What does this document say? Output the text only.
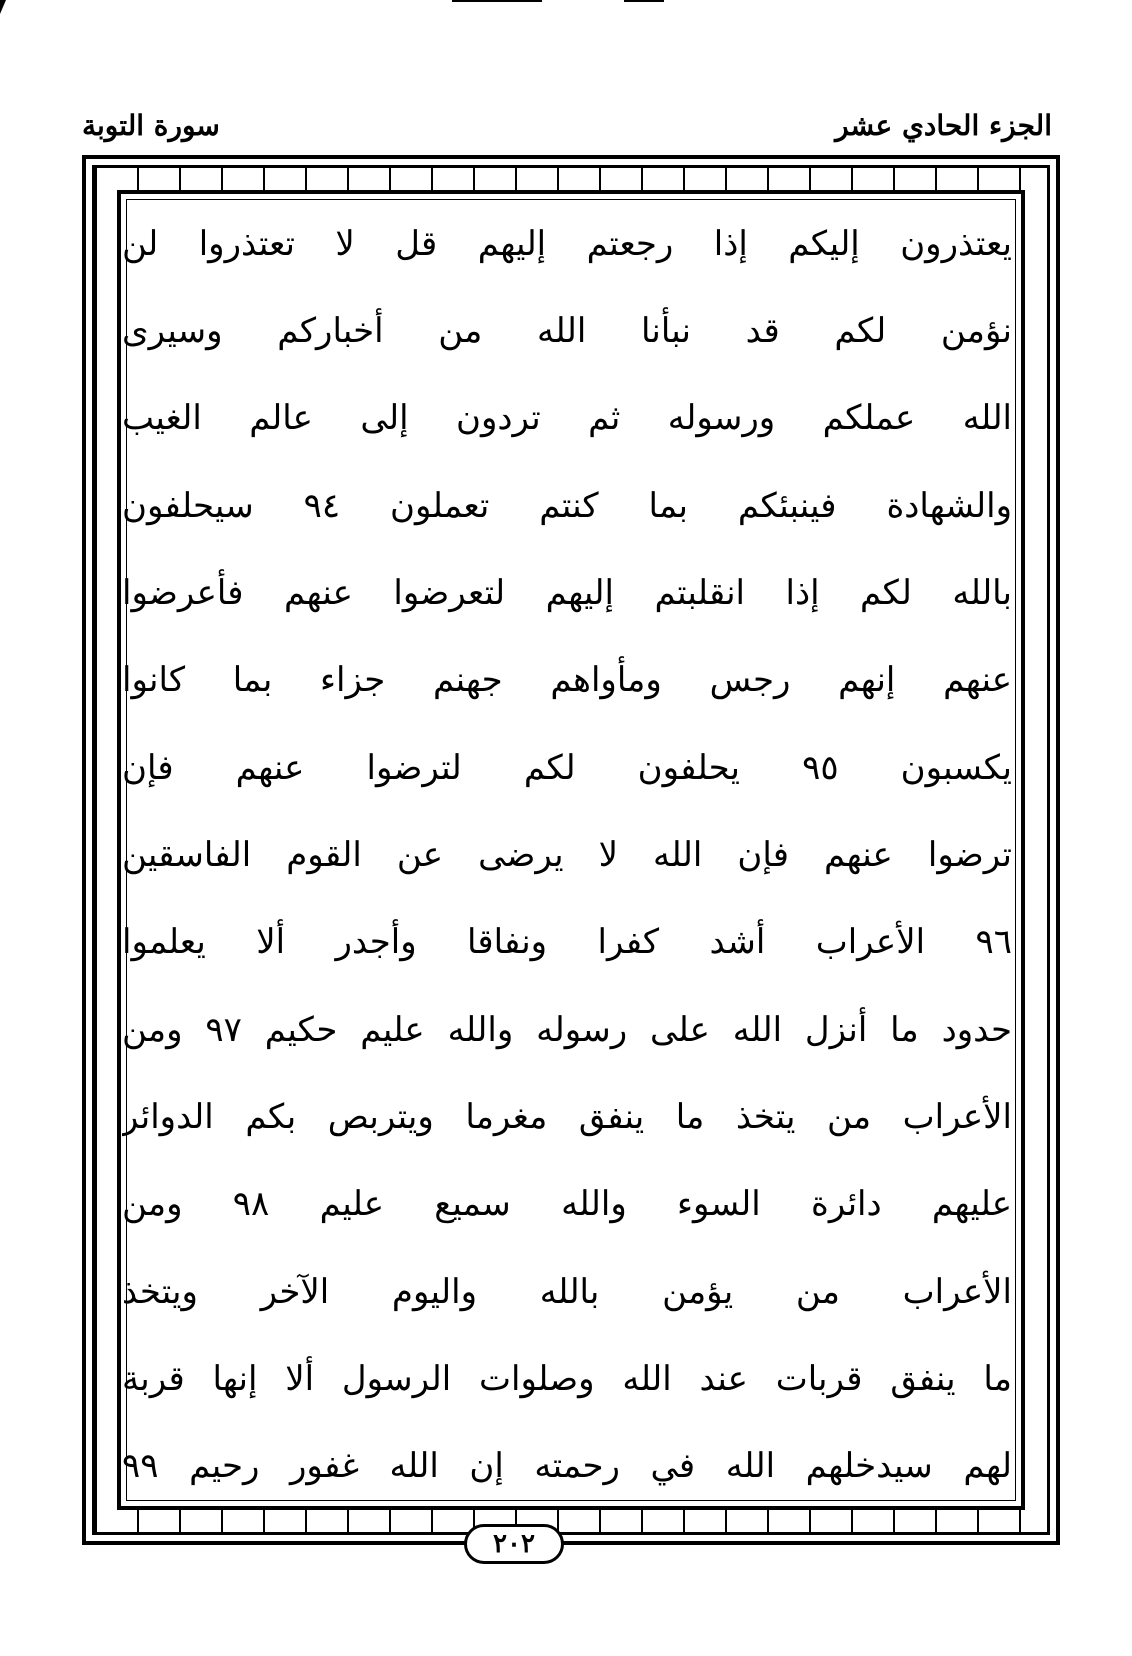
سورة التوبة	الجزء الحادي عشر
يعتذرون إليكم إذا رجعتم إليهم قل لا تعتذروا لن
نؤمن لكم قد نبأنا الله من أخباركم وسيرى
الله عملكم ورسوله ثم تردون إلى عالم الغيب
والشهادة فينبئكم بما كنتم تعملون ٩٤ سيحلفون
بالله لكم إذا انقلبتم إليهم لتعرضوا عنهم فأعرضوا
عنهم إنهم رجس ومأواهم جهنم جزاء بما كانوا
يكسبون ٩٥ يحلفون لكم لترضوا عنهم فإن
ترضوا عنهم فإن الله لا يرضى عن القوم الفاسقين
٩٦ الأعراب أشد كفرا ونفاقا وأجدر ألا يعلموا
حدود ما أنزل الله على رسوله والله عليم حكيم ٩٧ ومن
الأعراب من يتخذ ما ينفق مغرما ويتربص بكم الدوائر
عليهم دائرة السوء والله سميع عليم ٩٨ ومن
الأعراب من يؤمن بالله واليوم الآخر ويتخذ
ما ينفق قربات عند الله وصلوات الرسول ألا إنها قربة
لهم سيدخلهم الله في رحمته إن الله غفور رحيم ٩٩
٢٠٢
